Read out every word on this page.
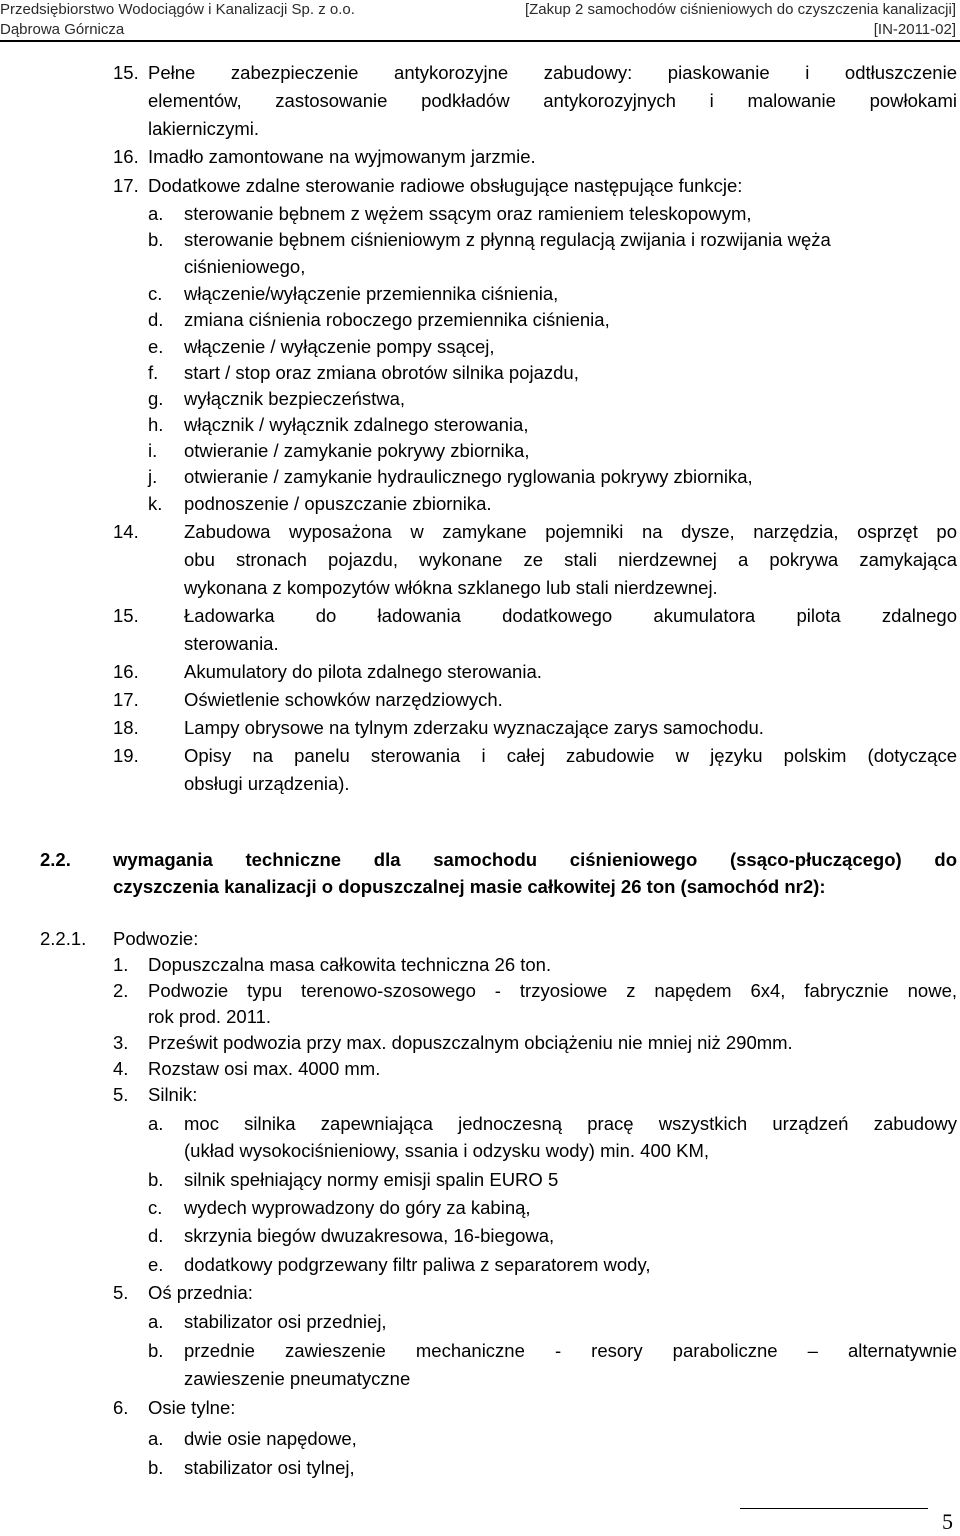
Przedsiębiorstwo Wodociągów i Kanalizacji Sp. z o.o.
Dąbrowa Górnicza
[Zakup 2 samochodów ciśnieniowych do czyszczenia kanalizacji]
[IN-2011-02]
15. Pełne zabezpieczenie antykorozyjne zabudowy: piaskowanie i odtłuszczenie
elementów, zastosowanie podkładów antykorozyjnych i malowanie powłokami
lakierniczymi.
16. Imadło zamontowane na wyjmowanym jarzmie.
17. Dodatkowe zdalne sterowanie radiowe obsługujące następujące funkcje:
a. sterowanie bębnem z wężem ssącym oraz ramieniem teleskopowym,
b. sterowanie bębnem ciśnieniowym z płynną regulacją zwijania i rozwijania węża
ciśnieniowego,
c. włączenie/wyłączenie przemiennika ciśnienia,
d. zmiana ciśnienia roboczego przemiennika ciśnienia,
e. włączenie / wyłączenie pompy ssącej,
f. start / stop oraz zmiana obrotów silnika pojazdu,
g. wyłącznik bezpieczeństwa,
h. włącznik / wyłącznik zdalnego sterowania,
i. otwieranie / zamykanie pokrywy zbiornika,
j. otwieranie / zamykanie hydraulicznego ryglowania pokrywy zbiornika,
k. podnoszenie / opuszczanie zbiornika.
14. Zabudowa wyposażona w zamykane pojemniki na dysze, narzędzia, osprzęt po
obu stronach pojazdu, wykonane ze stali nierdzewnej a pokrywa zamykająca
wykonana z kompozytów włókna szklanego lub stali nierdzewnej.
15. Ładowarka do ładowania dodatkowego akumulatora pilota zdalnego
sterowania.
16. Akumulatory do pilota zdalnego sterowania.
17. Oświetlenie schowków narzędziowych.
18. Lampy obrysowe na tylnym zderzaku wyznaczające zarys samochodu.
19. Opisy na panelu sterowania i całej zabudowie w języku polskim (dotyczące
obsługi urządzenia).
2.2. wymagania techniczne dla samochodu ciśnieniowego (ssąco-płuczącego) do
czyszczenia kanalizacji o dopuszczalnej masie całkowitej 26 ton (samochód nr2):
2.2.1. Podwozie:
1. Dopuszczalna masa całkowita techniczna 26 ton.
2. Podwozie typu terenowo-szosowego - trzyosiowe z napędem 6x4, fabrycznie nowe,
rok prod. 2011.
3. Prześwit podwozia przy max. dopuszczalnym obciążeniu nie mniej niż 290mm.
4. Rozstaw osi max. 4000 mm.
5. Silnik:
a. moc silnika zapewniająca jednoczesną pracę wszystkich urządzeń zabudowy
(układ wysokociśnieniowy, ssania i odzysku wody) min. 400 KM,
b. silnik spełniający normy emisji spalin EURO 5
c. wydech wyprowadzony do góry za kabiną,
d. skrzynia biegów dwuzakresowa, 16-biegowa,
e. dodatkowy podgrzewany filtr paliwa z separatorem wody,
5. Oś przednia:
a. stabilizator osi przedniej,
b. przednie zawieszenie mechaniczne - resory paraboliczne – alternatywnie
zawieszenie pneumatyczne
6. Osie tylne:
a. dwie osie napędowe,
b. stabilizator osi tylnej,
5
